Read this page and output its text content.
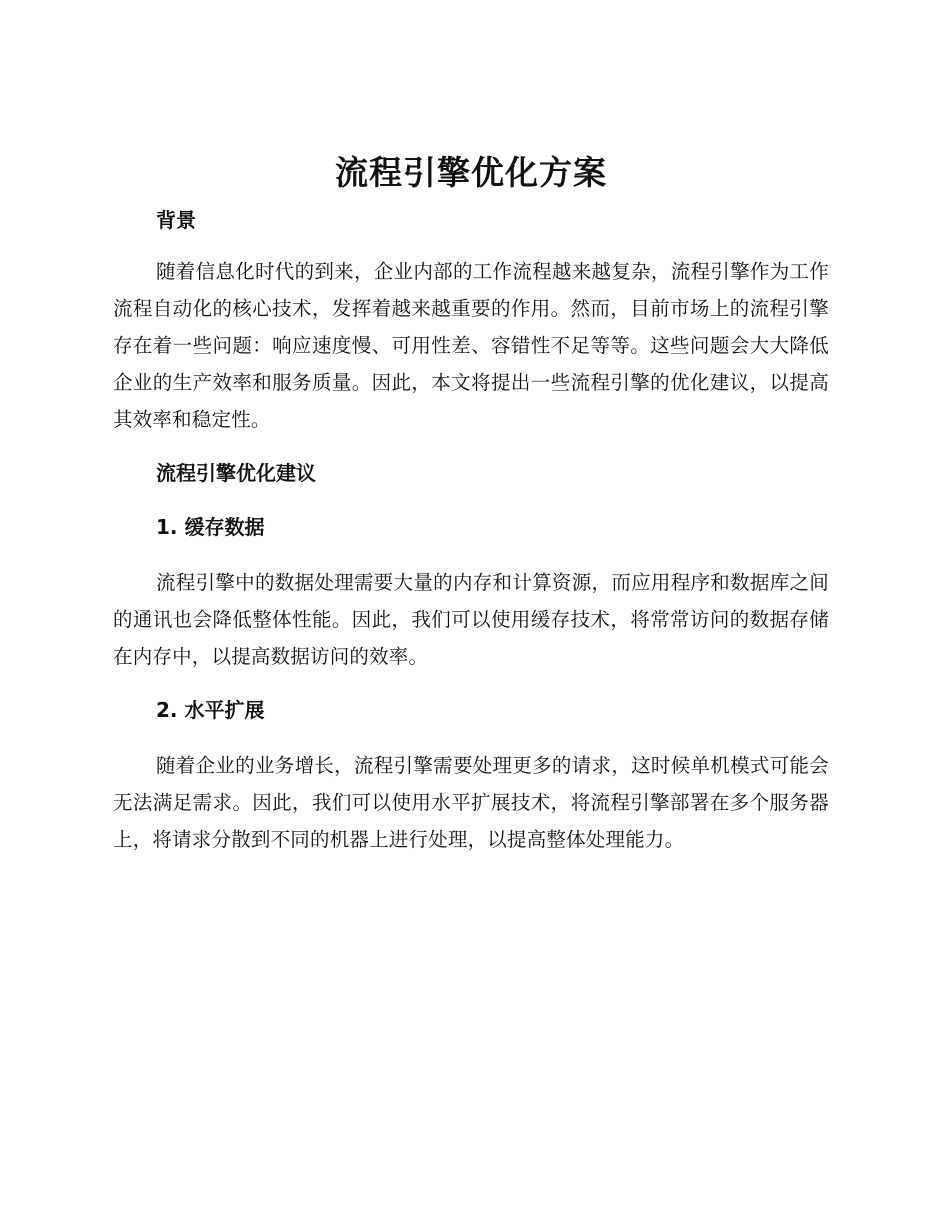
流程引擎优化方案
背景

随着信息化时代的到来，企业内部的工作流程越来越复杂，流程引擎作为工作流程自动化的核心技术，发挥着越来越重要的作用。然而，目前市场上的流程引擎存在着一些问题：响应速度慢、可用性差、容错性不足等等。这些问题会大大降低企业的生产效率和服务质量。因此，本文将提出一些流程引擎的优化建议，以提高其效率和稳定性。

流程引擎优化建议
1. 缓存数据

流程引擎中的数据处理需要大量的内存和计算资源，而应用程序和数据库之间的通讯也会降低整体性能。因此，我们可以使用缓存技术，将常常访问的数据存储在内存中，以提高数据访问的效率。

2. 水平扩展

随着企业的业务增长，流程引擎需要处理更多的请求，这时候单机模式可能会无法满足需求。因此，我们可以使用水平扩展技术，将流程引擎部署在多个服务器上，将请求分散到不同的机器上进行处理，以提高整体处理能力。
